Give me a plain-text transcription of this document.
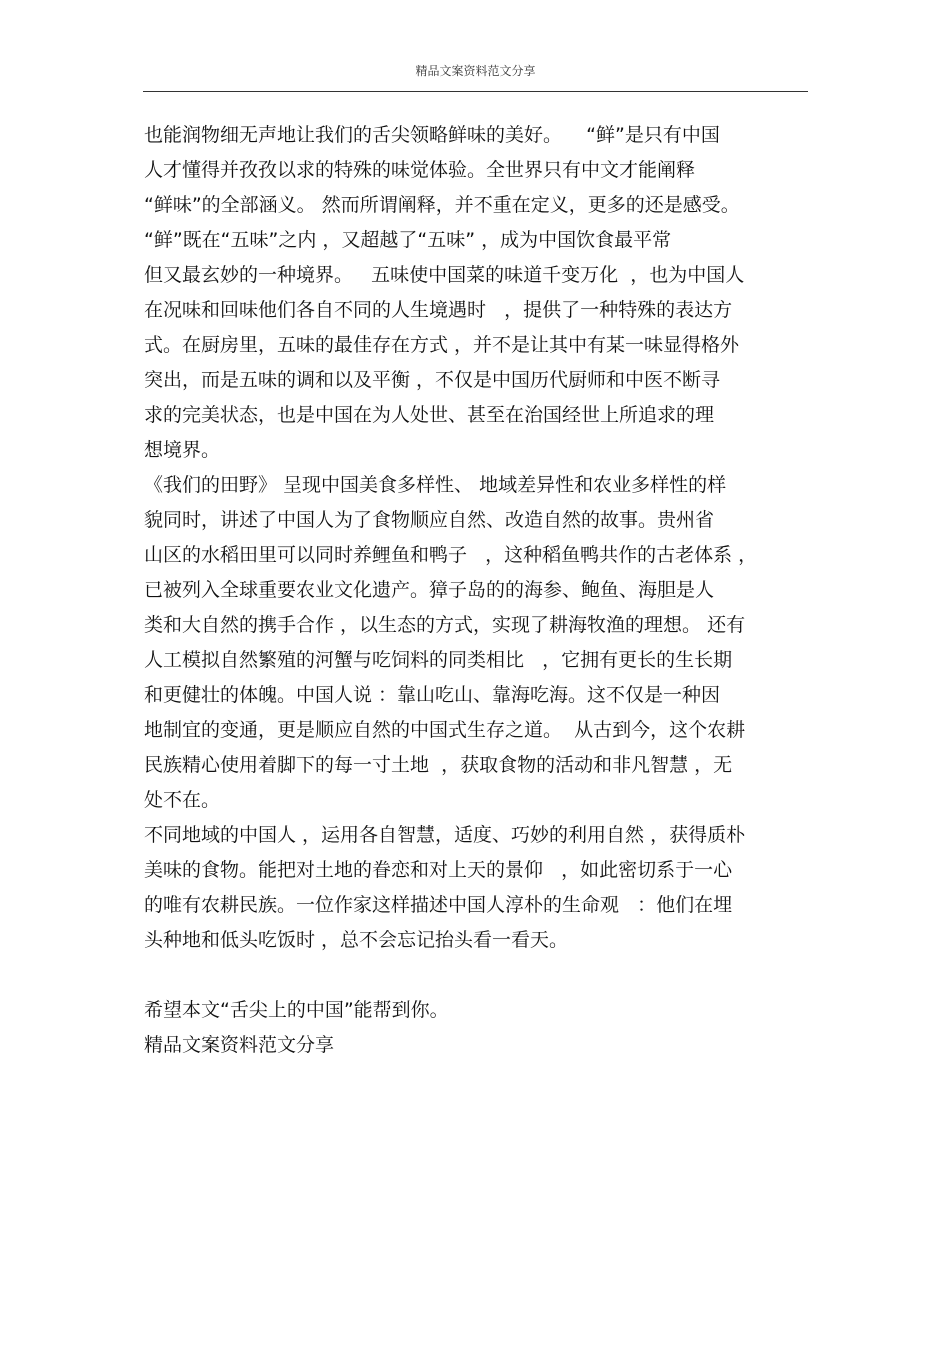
精品文案资料范文分享
也能润物细无声地让我们的舌尖领略鲜味的美好。    “鲜”是只有中国
人才懂得并孜孜以求的特殊的味觉体验。全世界只有中文才能阐释
“鲜味”的全部涵义。 然而所谓阐释，并不重在定义，更多的还是感受。
“鲜”既在“五味”之内 ，又超越了“五味” ，成为中国饮食最平常
但又最玄妙的一种境界。   五味使中国菜的味道千变万化  ，也为中国人
在况味和回味他们各自不同的人生境遇时   ，提供了一种特殊的表达方
式。在厨房里，五味的最佳存在方式 ，并不是让其中有某一味显得格外
突出，而是五味的调和以及平衡 ，不仅是中国历代厨师和中医不断寻
求的完美状态，也是中国在为人处世、甚至在治国经世上所追求的理
想境界。
《我们的田野》 呈现中国美食多样性、 地域差异性和农业多样性的样
貌同时，讲述了中国人为了食物顺应自然、改造自然的故事。贵州省
山区的水稻田里可以同时养鲤鱼和鸭子   ，这种稻鱼鸭共作的古老体系 ，
已被列入全球重要农业文化遗产。獐子岛的的海参、鲍鱼、海胆是人
类和大自然的携手合作 ，以生态的方式，实现了耕海牧渔的理想。 还有
人工模拟自然繁殖的河蟹与吃饲料的同类相比   ，它拥有更长的生长期
和更健壮的体魄。中国人说 ：靠山吃山、靠海吃海。这不仅是一种因
地制宜的变通，更是顺应自然的中国式生存之道。  从古到今，这个农耕
民族精心使用着脚下的每一寸土地  ，获取食物的活动和非凡智慧 ，无
处不在。
不同地域的中国人 ，运用各自智慧，适度、巧妙的利用自然 ，获得质朴
美味的食物。能把对土地的眷恋和对上天的景仰   ，如此密切系于一心
的唯有农耕民族。一位作家这样描述中国人淳朴的生命观   ：他们在埋
头种地和低头吃饭时 ，总不会忘记抬头看一看天。
希望本文“舌尖上的中国”能帮到你。
精品文案资料范文分享
